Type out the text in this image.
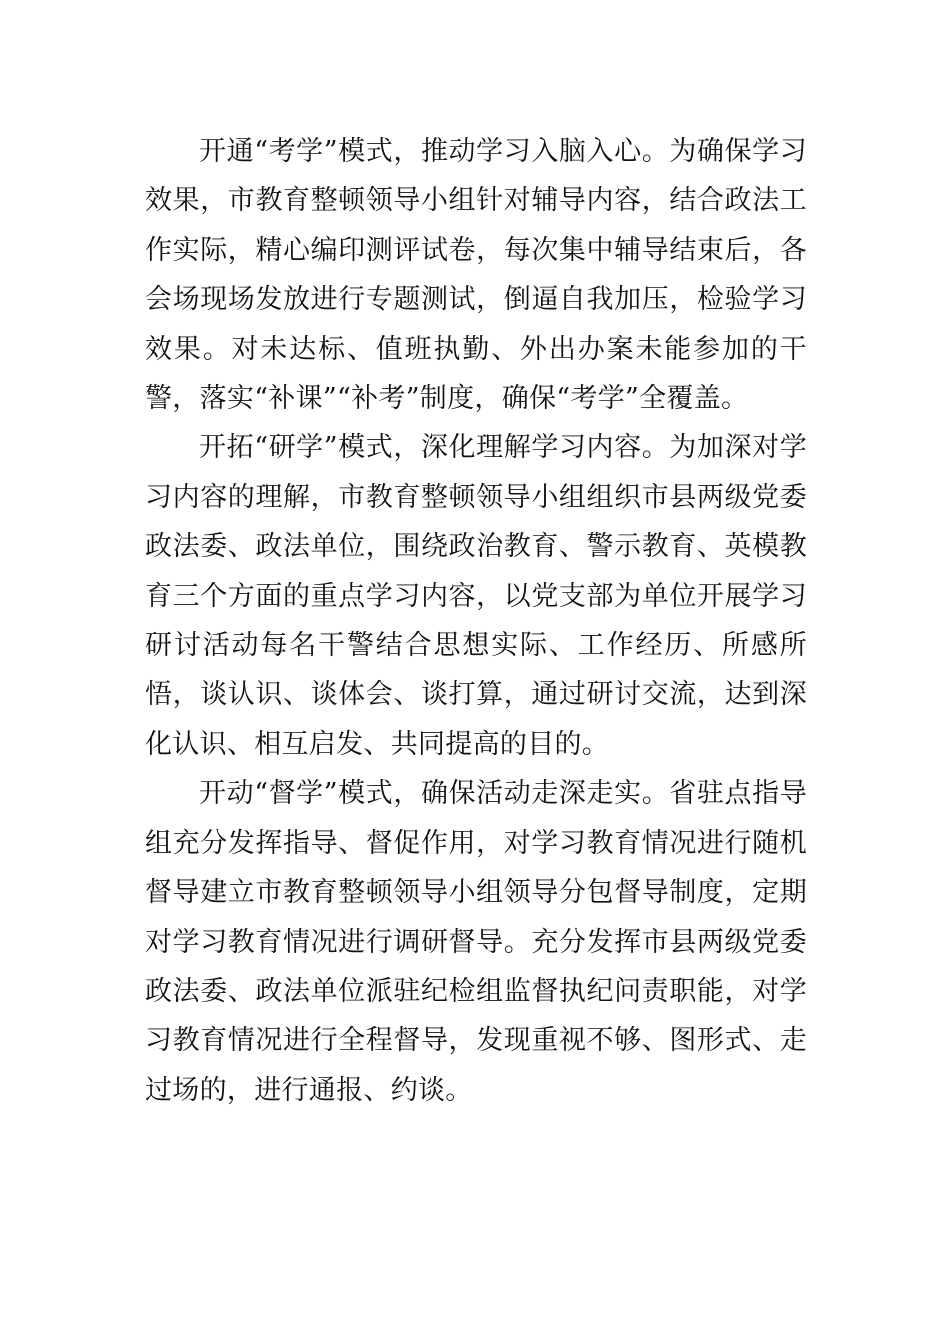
开通“考学”模式，推动学习入脑入心。为确保学习效果，市教育整顿领导小组针对辅导内容，结合政法工作实际，精心编印测评试卷，每次集中辅导结束后，各会场现场发放进行专题测试，倒逼自我加压，检验学习效果。对未达标、值班执勤、外出办案未能参加的干警，落实“补课”“补考”制度，确保“考学”全覆盖。

开拓“研学”模式，深化理解学习内容。为加深对学习内容的理解，市教育整顿领导小组组织市县两级党委政法委、政法单位，围绕政治教育、警示教育、英模教育三个方面的重点学习内容，以党支部为单位开展学习研讨活动每名干警结合思想实际、工作经历、所感所悟，谈认识、谈体会、谈打算，通过研讨交流，达到深化认识、相互启发、共同提高的目的。

开动“督学”模式，确保活动走深走实。省驻点指导组充分发挥指导、督促作用，对学习教育情况进行随机督导建立市教育整顿领导小组领导分包督导制度，定期对学习教育情况进行调研督导。充分发挥市县两级党委政法委、政法单位派驻纪检组监督执纪问责职能，对学习教育情况进行全程督导，发现重视不够、图形式、走过场的，进行通报、约谈。
